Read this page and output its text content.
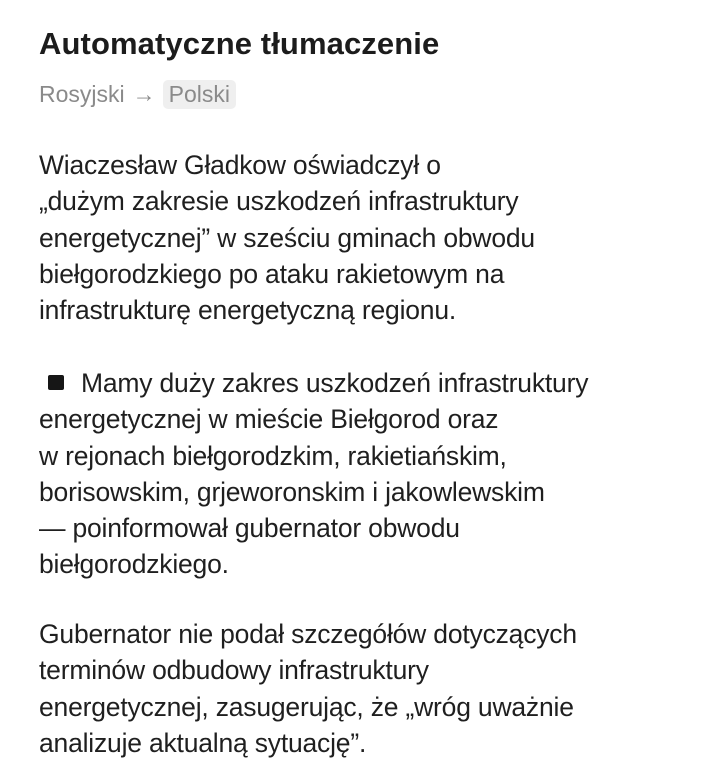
Automatyczne tłumaczenie
Rosyjski → Polski
Wiaczesław Gładkow oświadczył o
„dużym zakresie uszkodzeń infrastruktury
energetycznej” w sześciu gminach obwodu
biełgorodzkiego po ataku rakietowym na
infrastrukturę energetyczną regionu.
Mamy duży zakres uszkodzeń infrastruktury
energetycznej w mieście Biełgorod oraz
w rejonach biełgorodzkim, rakietiańskim,
borisowskim, grjeworonskim i jakowlewskim
— poinformował gubernator obwodu
biełgorodzkiego.
Gubernator nie podał szczegółów dotyczących
terminów odbudowy infrastruktury
energetycznej, zasugerując, że „wróg uważnie
analizuje aktualną sytuację”.
